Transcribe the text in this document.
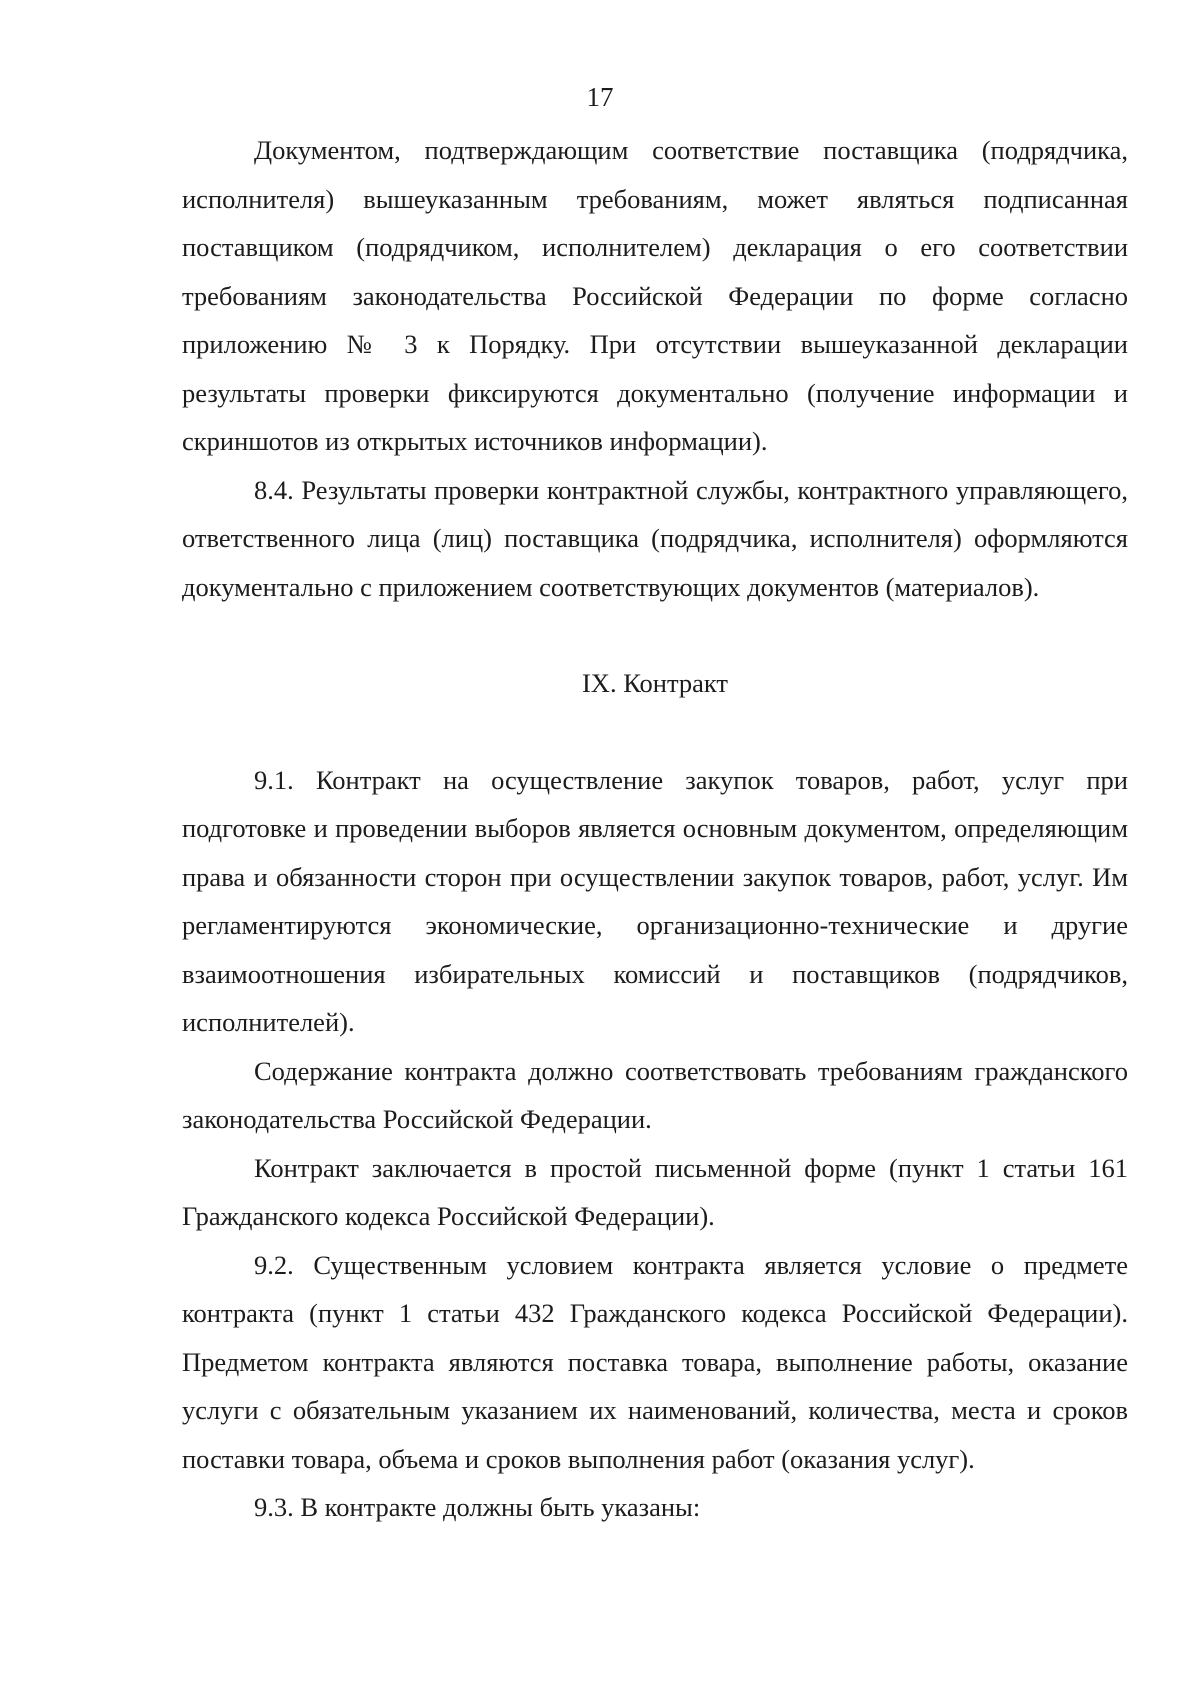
17

Документом, подтверждающим соответствие поставщика (подрядчика, исполнителя) вышеуказанным требованиям, может являться подписанная поставщиком (подрядчиком, исполнителем) декларация о его соответствии требованиям законодательства Российской Федерации по форме согласно приложению № 3 к Порядку. При отсутствии вышеуказанной декларации результаты проверки фиксируются документально (получение информации и скриншотов из открытых источников информации).

8.4. Результаты проверки контрактной службы, контрактного управляющего, ответственного лица (лиц) поставщика (подрядчика, исполнителя) оформляются документально с приложением соответствующих документов (материалов).

IX. Контракт

9.1. Контракт на осуществление закупок товаров, работ, услуг при подготовке и проведении выборов является основным документом, определяющим права и обязанности сторон при осуществлении закупок товаров, работ, услуг. Им регламентируются экономические, организационно-технические и другие взаимоотношения избирательных комиссий и поставщиков (подрядчиков, исполнителей).

Содержание контракта должно соответствовать требованиям гражданского законодательства Российской Федерации.

Контракт заключается в простой письменной форме (пункт 1 статьи 161 Гражданского кодекса Российской Федерации).

9.2. Существенным условием контракта является условие о предмете контракта (пункт 1 статьи 432 Гражданского кодекса Российской Федерации). Предметом контракта являются поставка товара, выполнение работы, оказание услуги с обязательным указанием их наименований, количества, места и сроков поставки товара, объема и сроков выполнения работ (оказания услуг).

9.3. В контракте должны быть указаны:
